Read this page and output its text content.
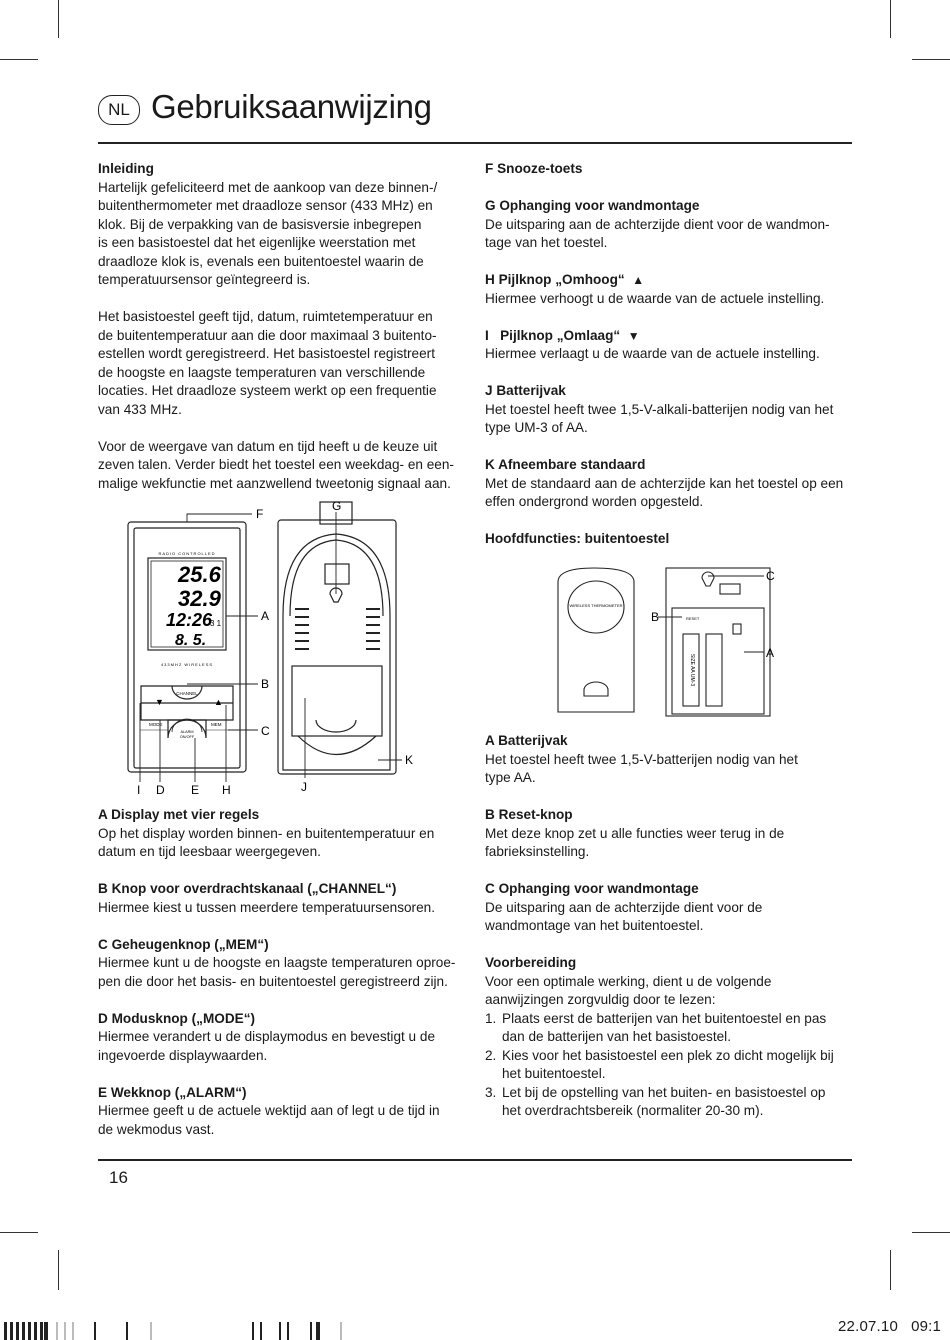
NL Gebruiksaanwijzing

Inleiding

Hartelijk gefeliciteerd met de aankoop van deze binnen-/

buitenthermometer met draadloze sensor (433 MHz) en

klok. Bij de verpakking van de basisversie inbegrepen

is een basistoestel dat het eigenlijke weerstation met

draadloze klok is, evenals een buitentoestel waarin de

temperatuursensor geïntegreerd is.

Het basistoestel geeft tijd, datum, ruimtetemperatuur en

de buitentemperatuur aan die door maximaal 3 buitento-

estellen wordt geregistreerd. Het basistoestel registreert

de hoogste en laagste temperaturen van verschillende

locaties. Het draadloze systeem werkt op een frequentie

van 433 MHz.

Voor de weergave van datum en tijd heeft u de keuze uit

zeven talen. Verder biedt het toestel een weekdag- en een-

malige wekfunctie met aanzwellend tweetonig signaal aan.

RADIO CONTROLLED
25.6
32.9
12:26
3 1
8. 5.
433MHZ WIRELESS
CHANNEL
▼	▲
MODE	MEM
ALARM
ON/OFF
F
G
A
B
C
K
I D E H	J

A Display met vier regels

Op het display worden binnen- en buitentemperatuur en

datum en tijd leesbaar weergegeven.

B Knop voor overdrachtskanaal („CHANNEL“)

Hiermee kiest u tussen meerdere temperatuursensoren.

C Geheugenknop („MEM“)

Hiermee kunt u de hoogste en laagste temperaturen oproe-

pen die door het basis- en buitentoestel geregistreerd zijn.

D Modusknop („MODE“)

Hiermee verandert u de displaymodus en bevestigt u de

ingevoerde displaywaarden.

E Wekknop („ALARM“)

Hiermee geeft u de actuele wektijd aan of legt u de tijd in

de wekmodus vast.

F Snooze-toets

G Ophanging voor wandmontage

De uitsparing aan de achterzijde dient voor de wandmon-

tage van het toestel.

H Pijlknop „Omhoog“ ▲

Hiermee verhoogt u de waarde van de actuele instelling.

I   Pijlknop „Omlaag“ ▼

Hiermee verlaagt u de waarde van de actuele instelling.

J Batterijvak

Het toestel heeft twee 1,5-V-alkali-batterijen nodig van het

type UM-3 of AA.

K Afneembare standaard

Met de standaard aan de achterzijde kan het toestel op een

effen ondergrond worden opgesteld.

Hoofdfuncties: buitentoestel

WIRELESS THERMOMETER
RESET
SIZE AA UM-3
C
B
A

A Batterijvak

Het toestel heeft twee 1,5-V-batterijen nodig van het

type AA.

B Reset-knop

Met deze knop zet u alle functies weer terug in de

fabrieksinstelling.

C Ophanging voor wandmontage

De uitsparing aan de achterzijde dient voor de

wandmontage van het buitentoestel.

Voorbereiding

Voor een optimale werking, dient u de volgende

aanwijzingen zorgvuldig door te lezen:

1. Plaats eerst de batterijen van het buitentoestel en pas
dan de batterijen van het basistoestel.
2. Kies voor het basistoestel een plek zo dicht mogelijk bij
het buitentoestel.
3. Let bij de opstelling van het buiten- en basistoestel op
het overdrachtsbereik (normaliter 20-30 m).
16
22.07.10   09:1
